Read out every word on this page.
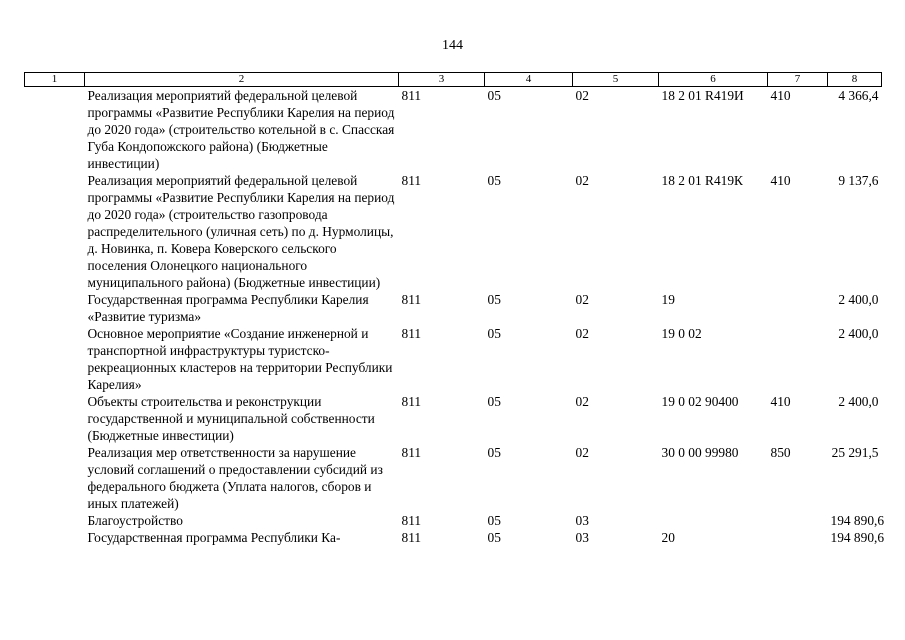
144
1	2	3	4	5	6	7	8
	Реализация мероприятий федеральной целевой программы «Развитие Республики Карелия на период до 2020 года» (строительство котельной в с. Спасская Губа Кондопожского района) (Бюджетные инвестиции)	811	05	02	18 2 01 R419И	410	4 366,4
	Реализация мероприятий федеральной целевой программы «Развитие Республики Карелия на период до 2020 года» (строительство газопровода распределительного (уличная сеть) по д. Нурмолицы, д. Новинка, п. Ковера Коверского сельского поселения Олонецкого национального муниципального района) (Бюджетные инвестиции)	811	05	02	18 2 01 R419К	410	9 137,6
	Государственная программа Республики Карелия «Развитие туризма»	811	05	02	19		2 400,0
	Основное мероприятие «Создание инженерной и транспортной инфраструктуры туристско-рекреационных кластеров на территории Республики Карелия»	811	05	02	19 0 02		2 400,0
	Объекты строительства и реконструкции государственной и муниципальной собственности (Бюджетные инвестиции)	811	05	02	19 0 02 90400	410	2 400,0
	Реализация мер ответственности за нарушение условий соглашений о предоставлении субсидий из федерального бюджета (Уплата налогов, сборов и иных платежей)	811	05	02	30 0 00 99980	850	25 291,5
	Благоустройство	811	05	03			194 890,6
	Государственная программа Республики Ка-	811	05	03	20		194 890,6
